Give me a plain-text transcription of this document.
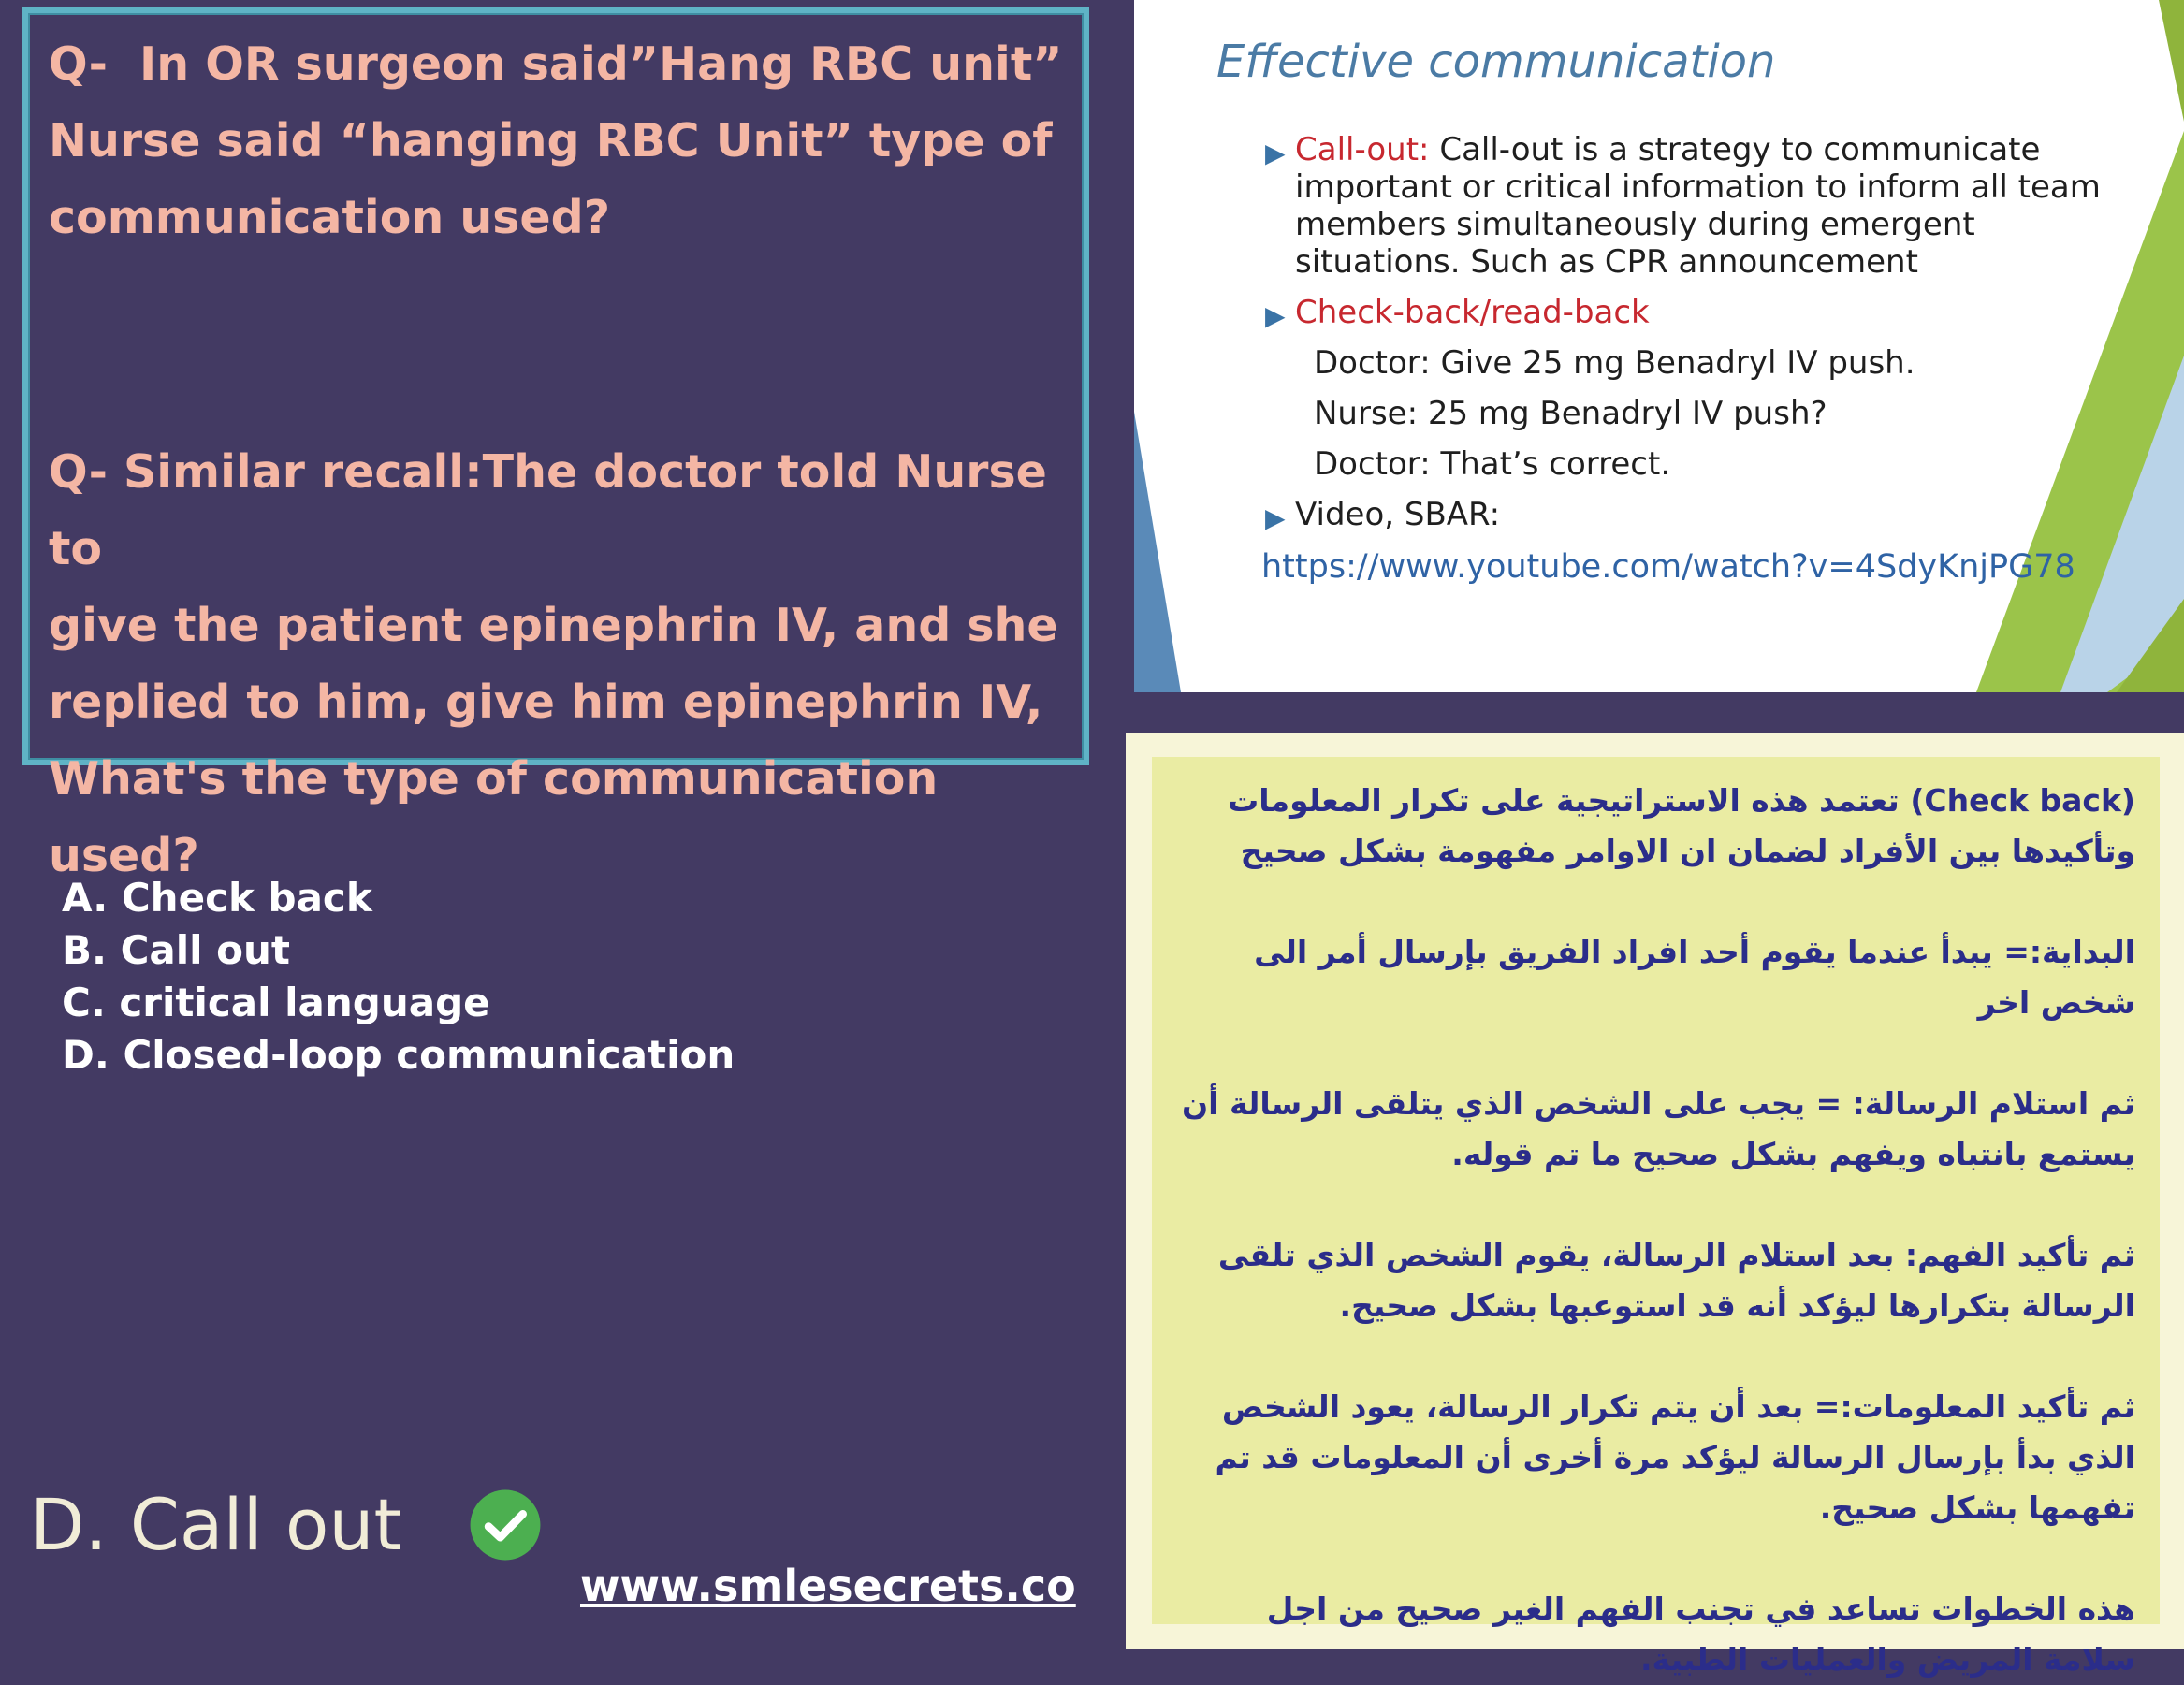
Q-  In OR surgeon said”Hang RBC unit”
Nurse said “hanging RBC Unit” type of
communication used?

Q- Similar recall:The doctor told Nurse to
give the patient epinephrin IV, and she
replied to him, give him epinephrin IV,
What's the type of communication used?

A. Check back
B. Call out
C. critical language
D. Closed-loop communication
D. Call out
www.smlesecrets.co
Effective communication
▶ Call-out: Call-out is a strategy to communicate important or critical information to inform all team members simultaneously during emergent situations. Such as CPR announcement
▶ Check-back/read-back
Doctor: Give 25 mg Benadryl IV push.
Nurse: 25 mg Benadryl IV push?
Doctor: That’s correct.
▶ Video, SBAR:
https://www.youtube.com/watch?v=4SdyKnjPG78

(Check back) تعتمد هذه الاستراتيجية على تكرار المعلومات وتأكيدها بين الأفراد لضمان ان الاوامر مفهومة بشكل صحيح

البداية:= يبدأ عندما يقوم أحد افراد الفريق بإرسال أمر الى شخص اخر

ثم استلام الرسالة: = يجب على الشخص الذي يتلقى الرسالة أن يستمع بانتباه ويفهم بشكل صحيح ما تم قوله.

ثم تأكيد الفهم: بعد استلام الرسالة، يقوم الشخص الذي تلقى الرسالة بتكرارها ليؤكد أنه قد استوعبها بشكل صحيح.

ثم تأكيد المعلومات:= بعد أن يتم تكرار الرسالة، يعود الشخص الذي بدأ بإرسال الرسالة ليؤكد مرة أخرى أن المعلومات قد تم تفهمها بشكل صحيح.

هذه الخطوات تساعد في تجنب الفهم الغير صحيح من اجل سلامة المريض والعمليات الطبية.
